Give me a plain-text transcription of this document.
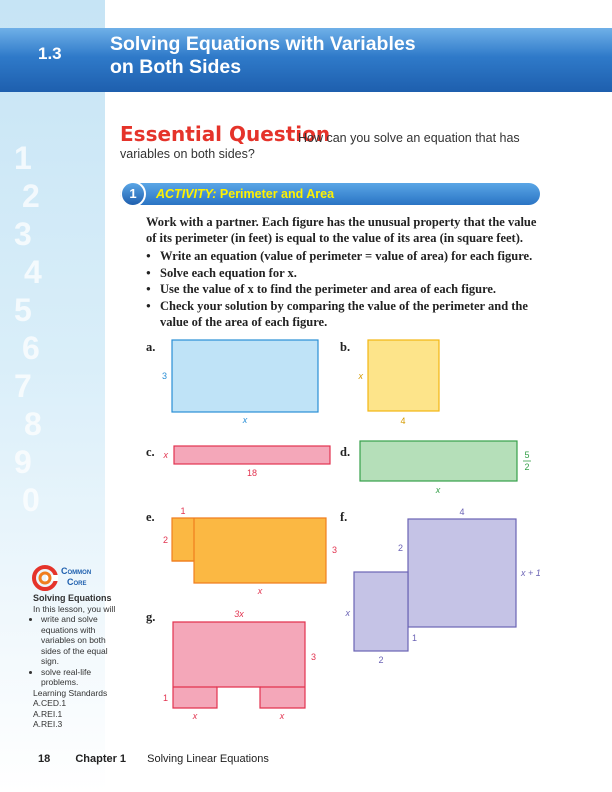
1
2
3
4
5
6
7
8
9
0
1.3 Solving Equations with Variables
on Both Sides
Essential Question
How can you solve an equation that has
variables on both sides?
1	ACTIVITY: Perimeter and Area
Work with a partner. Each figure has the unusual property that the value of its perimeter (in feet) is equal to the value of its area (in square feet).
● Write an equation (value of perimeter = value of area) for each figure.
● Solve each equation for x.
● Use the value of x to find the perimeter and area of each figure.
● Check your solution by comparing the value of the perimeter and the value of the area of each figure.
a.	b.
c.	d.
e.	f.
g.
3
x
x
4
x
18
5
2
x
1
2
3
x
4
2
x + 1
x
1
2
3x
3
1
x	x
Common
Core
Solving Equations
In this lesson, you will
• write and solve equations with variables on both sides of the equal sign.
• solve real-life problems.
Learning Standards
A.CED.1
A.REI.1
A.REI.3
18 Chapter 1 Solving Linear Equations
